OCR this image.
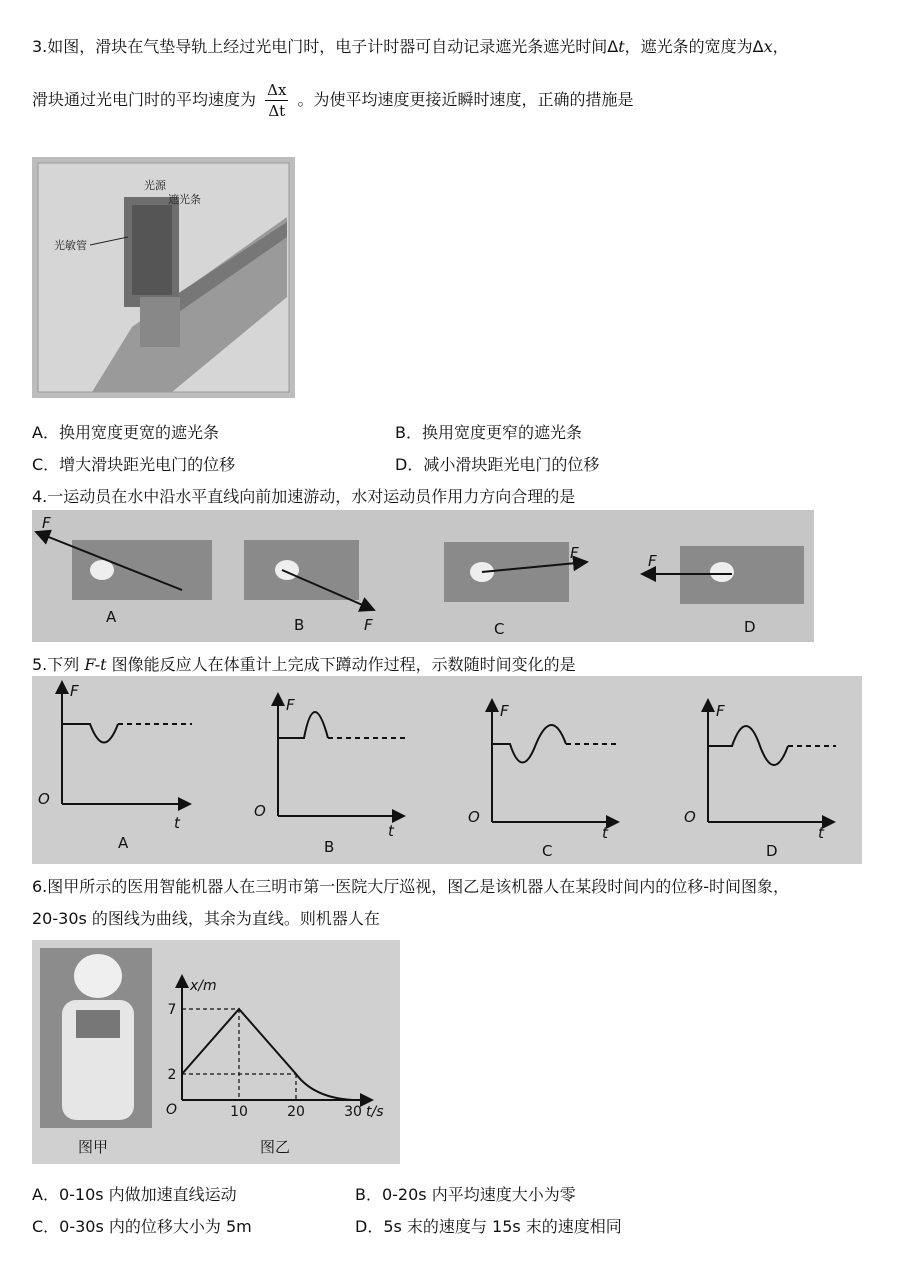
3.如图，滑块在气垫导轨上经过光电门时，电子计时器可自动记录遮光条遮光时间Δt，遮光条的宽度为Δx，
滑块通过光电门时的平均速度为 $\frac{\Delta x}{\Delta t}$ 。为使平均速度更接近瞬时速度，正确的措施是
光源
遮光条
光敏管
A．换用宽度更宽的遮光条	B．换用宽度更窄的遮光条
C．增大滑块距光电门的位移	D．减小滑块距光电门的位移
4.一运动员在水中沿水平直线向前加速游动，水对运动员作用力方向合理的是
F
A	F
B
F
C
F
D
5.下列 F-t 图像能反应人在体重计上完成下蹲动作过程，示数随时间变化的是
F
O
t
A
F
O
t
B
F
O
t
C
F
O
t
D
6.图甲所示的医用智能机器人在三明市第一医院大厅巡视，图乙是该机器人在某段时间内的位移-时间图象，
20-30s 的图线为曲线，其余为直线。则机器人在
图甲	图乙
x/m
t/s
O	10	20	30
2
7
A．0-10s 内做加速直线运动	B．0-20s 内平均速度大小为零
C．0-30s 内的位移大小为 5m	D．5s 末的速度与 15s 末的速度相同
